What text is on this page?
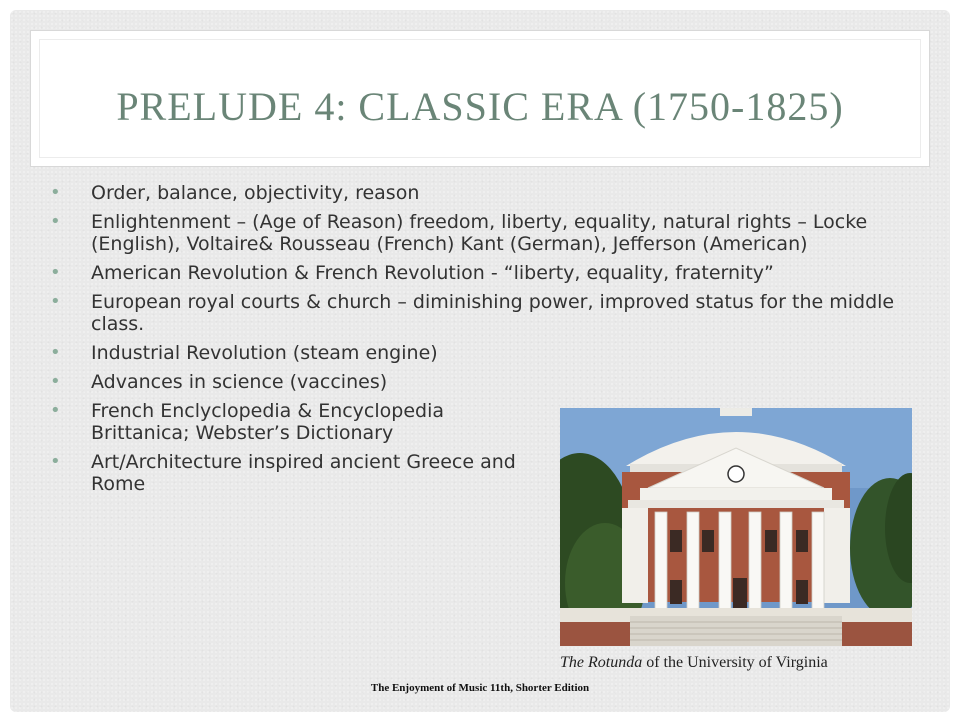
PRELUDE 4: CLASSIC ERA (1750-1825)
• Order, balance, objectivity, reason
• Enlightenment – (Age of Reason) freedom, liberty, equality, natural rights – Locke (English), Voltaire& Rousseau (French) Kant (German), Jefferson (American)
• American Revolution & French Revolution - “liberty, equality, fraternity”
• European royal courts & church – diminishing power, improved status for the middle class.
• Industrial Revolution (steam engine)
• Advances in science (vaccines)
• French Enclyclopedia & Encyclopedia Brittanica; Webster’s Dictionary
• Art/Architecture inspired ancient Greece and Rome
The Rotunda of the University of Virginia
The Enjoyment of Music 11th, Shorter Edition
